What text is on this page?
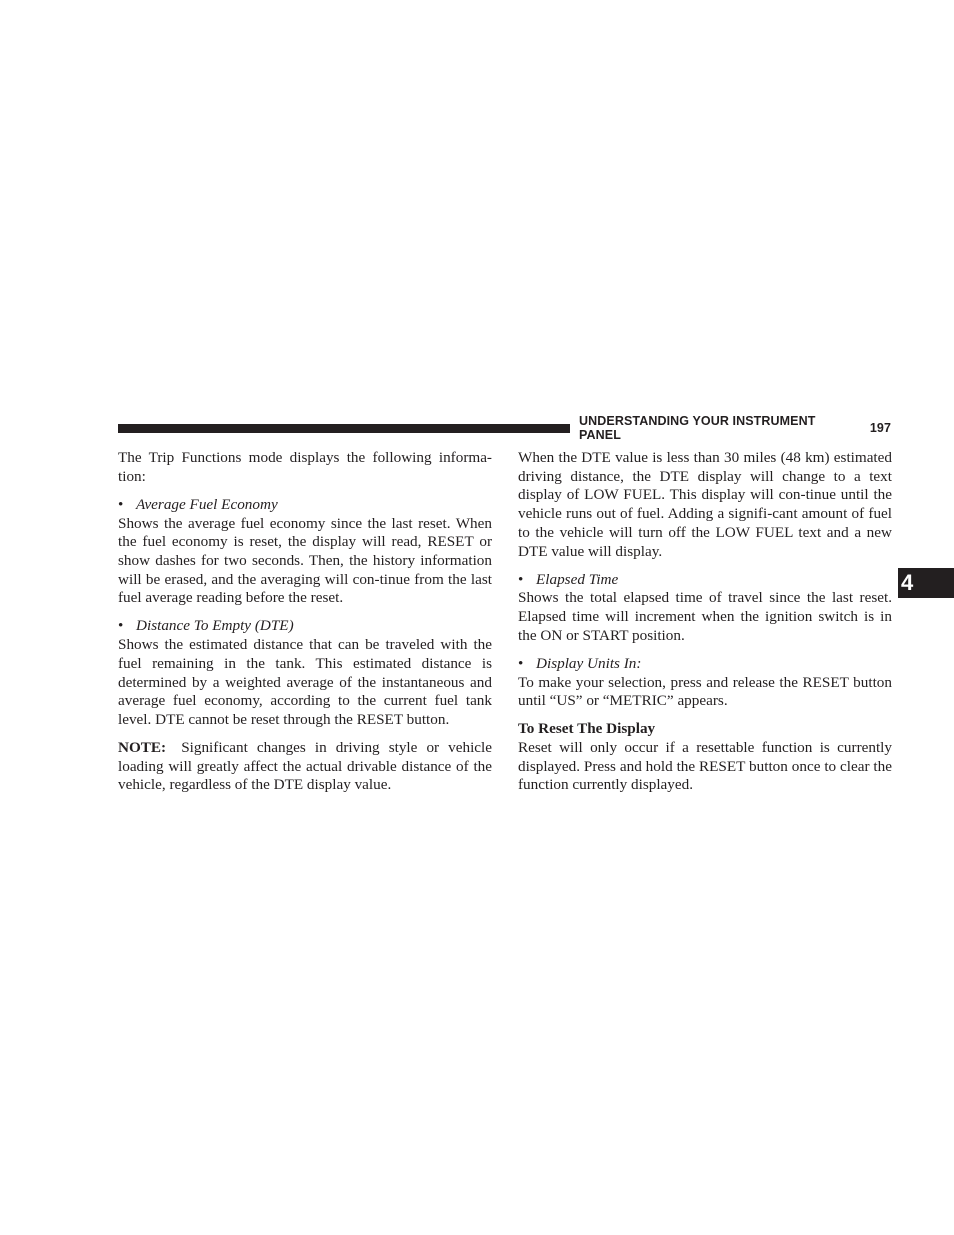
UNDERSTANDING YOUR INSTRUMENT PANEL	197
4

The Trip Functions mode displays the following informa-tion:

• Average Fuel Economy

Shows the average fuel economy since the last reset. When the fuel economy is reset, the display will read, RESET or show dashes for two seconds. Then, the history information will be erased, and the averaging will con-tinue from the last fuel average reading before the reset.

• Distance To Empty (DTE)

Shows the estimated distance that can be traveled with the fuel remaining in the tank. This estimated distance is determined by a weighted average of the instantaneous and average fuel economy, according to the current fuel tank level. DTE cannot be reset through the RESET button.

NOTE: Significant changes in driving style or vehicle loading will greatly affect the actual drivable distance of the vehicle, regardless of the DTE display value.

When the DTE value is less than 30 miles (48 km) estimated driving distance, the DTE display will change to a text display of LOW FUEL. This display will con-tinue until the vehicle runs out of fuel. Adding a signifi-cant amount of fuel to the vehicle will turn off the LOW FUEL text and a new DTE value will display.

• Elapsed Time

Shows the total elapsed time of travel since the last reset. Elapsed time will increment when the ignition switch is in the ON or START position.

• Display Units In:

To make your selection, press and release the RESET button until “US” or “METRIC” appears.

To Reset The Display

Reset will only occur if a resettable function is currently displayed. Press and hold the RESET button once to clear the function currently displayed.
